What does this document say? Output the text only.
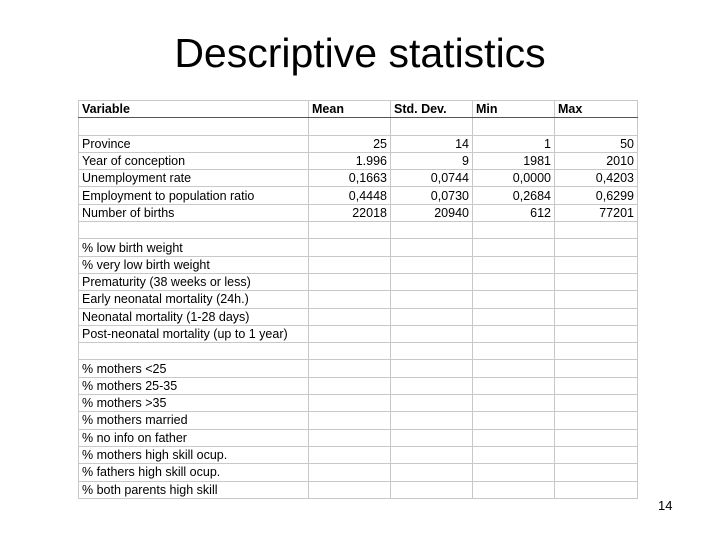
Descriptive statistics
Variable	Mean	Std. Dev.	Min	Max

Province	25	14	1	50
Year of conception	1.996	9	1981	2010
Unemployment rate	0,1663	0,0744	0,0000	0,4203
Employment to population ratio	0,4448	0,0730	0,2684	0,6299
Number of births	22018	20940	612	77201

% low birth weight				
% very low birth weight				
Prematurity (38 weeks or less)				
Early neonatal mortality (24h.)				
Neonatal mortality (1-28 days)				
Post-neonatal mortality (up to 1 year)				

% mothers <25				
% mothers 25-35				
% mothers >35				
% mothers married				
% no info on father				
% mothers high skill ocup.				
% fathers high skill ocup.				
% both parents high skill				
14
